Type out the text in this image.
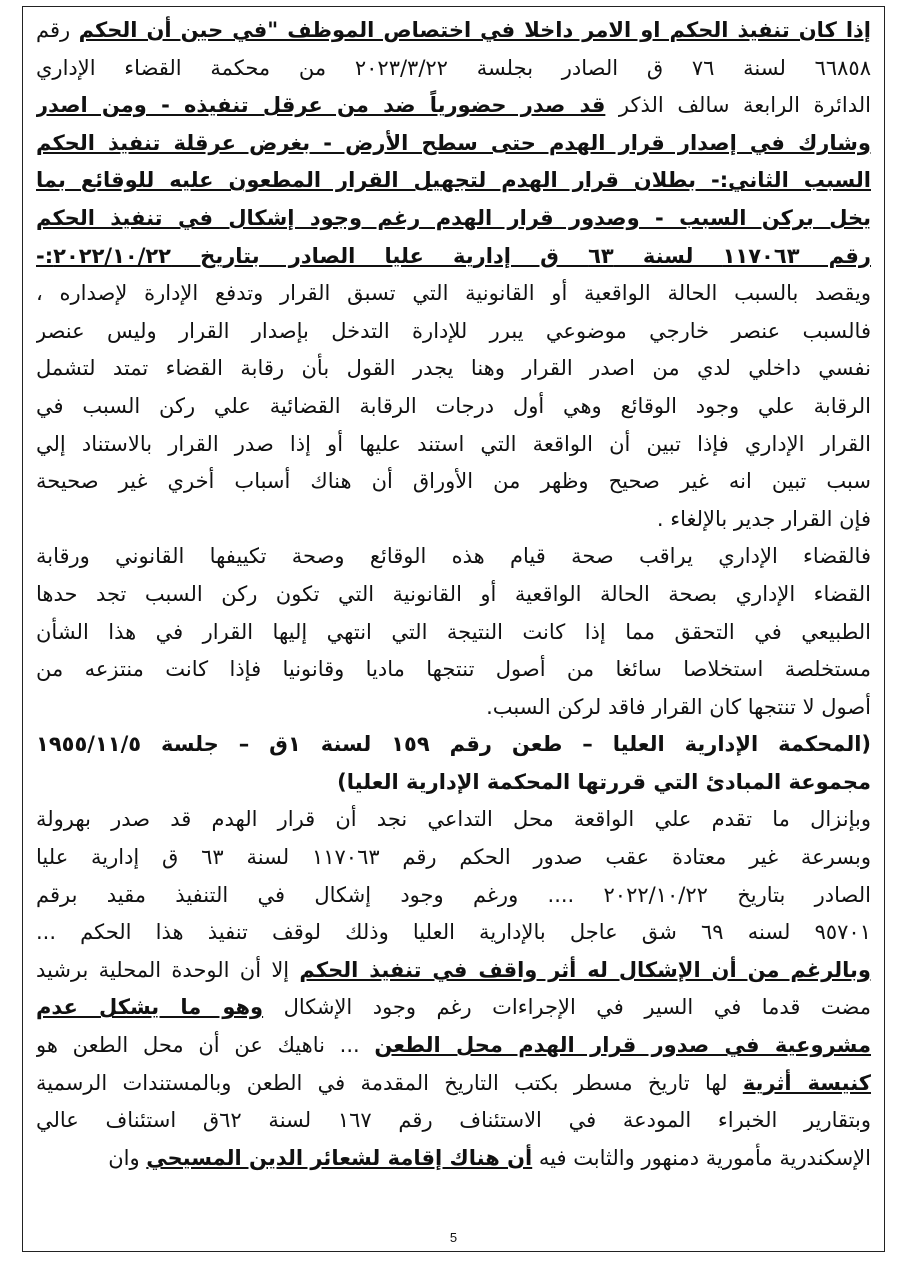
إذا كان تنفيذ الحكم او الامر داخلا في اختصاص الموظف "في حين أن الحكم رقم
٦٦٨٥٨ لسنة ٧٦ ق الصادر بجلسة ٢٠٢٣/٣/٢٢ من محكمة القضاء الإداري
الدائرة الرابعة سالف الذكر قد صدر حضورياً ضد من عرقل تنفيذه - ومن اصدر
وشارك في إصدار قرار الهدم حتى سطح الأرض - بغرض عرقلة تنفيذ الحكم
السبب الثاني:- بطلان قرار الهدم لتجهيل القرار المطعون عليه للوقائع بما
يخل بركن السبب - وصدور قرار الهدم رغم وجود إشكال في تنفيذ الحكم
رقم ١١٧٠٦٣ لسنة ٦٣ ق إدارية عليا الصادر بتاريخ ٢٠٢٢/١٠/٢٢:-
ويقصد بالسبب الحالة الواقعية أو القانونية التي تسبق القرار وتدفع الإدارة لإصداره ،
فالسبب عنصر خارجي موضوعي يبرر للإدارة التدخل بإصدار القرار وليس عنصر
نفسي داخلي لدي من اصدر القرار وهنا يجدر القول بأن رقابة القضاء تمتد لتشمل
الرقابة علي وجود الوقائع وهي أول درجات الرقابة القضائية علي ركن السبب في
القرار الإداري فإذا تبين أن الواقعة التي استند عليها أو إذا صدر القرار بالاستناد إلي
سبب تبين انه غير صحيح وظهر من الأوراق أن هناك أسباب أخري غير صحيحة
فإن القرار جدير بالإلغاء .
فالقضاء الإداري يراقب صحة قيام هذه الوقائع وصحة تكييفها القانوني ورقابة
القضاء الإداري بصحة الحالة الواقعية أو القانونية التي تكون ركن السبب تجد حدها
الطبيعي في التحقق مما إذا كانت النتيجة التي انتهي إليها القرار في هذا الشأن
مستخلصة استخلاصا سائغا من أصول تنتجها ماديا وقانونيا فإذا كانت منتزعه من
أصول لا تنتجها كان القرار فاقد لركن السبب.
(المحكمة الإدارية العليا – طعن رقم ١٥٩ لسنة ١ق – جلسة ١٩٥٥/١١/٥
مجموعة المبادئ التي قررتها المحكمة الإدارية العليا)
وبإنزال ما تقدم علي الواقعة محل التداعي نجد أن قرار الهدم قد صدر بهرولة
وبسرعة غير معتادة عقب صدور الحكم رقم ١١٧٠٦٣ لسنة ٦٣ ق إدارية عليا
الصادر بتاريخ ٢٠٢٢/١٠/٢٢ .... ورغم وجود إشكال في التنفيذ مقيد برقم
٩٥٧٠١ لسنه ٦٩ شق عاجل بالإدارية العليا وذلك لوقف تنفيذ هذا الحكم ...
وبالرغم من أن الإشكال له أثر واقف في تنفيذ الحكم إلا أن الوحدة المحلية برشيد
مضت قدما في السير في الإجراءات رغم وجود الإشكال وهو ما يشكل عدم
مشروعية في صدور قرار الهدم محل الطعن ... ناهيك عن أن محل الطعن هو
كنيسة أثرية لها تاريخ مسطر بكتب التاريخ المقدمة في الطعن وبالمستندات الرسمية
وبتقارير الخبراء المودعة في الاستئناف رقم ١٦٧ لسنة ٦٢ق استئناف عالي
الإسكندرية مأمورية دمنهور والثابت فيه أن هناك إقامة لشعائر الدين المسيحي وان
5
